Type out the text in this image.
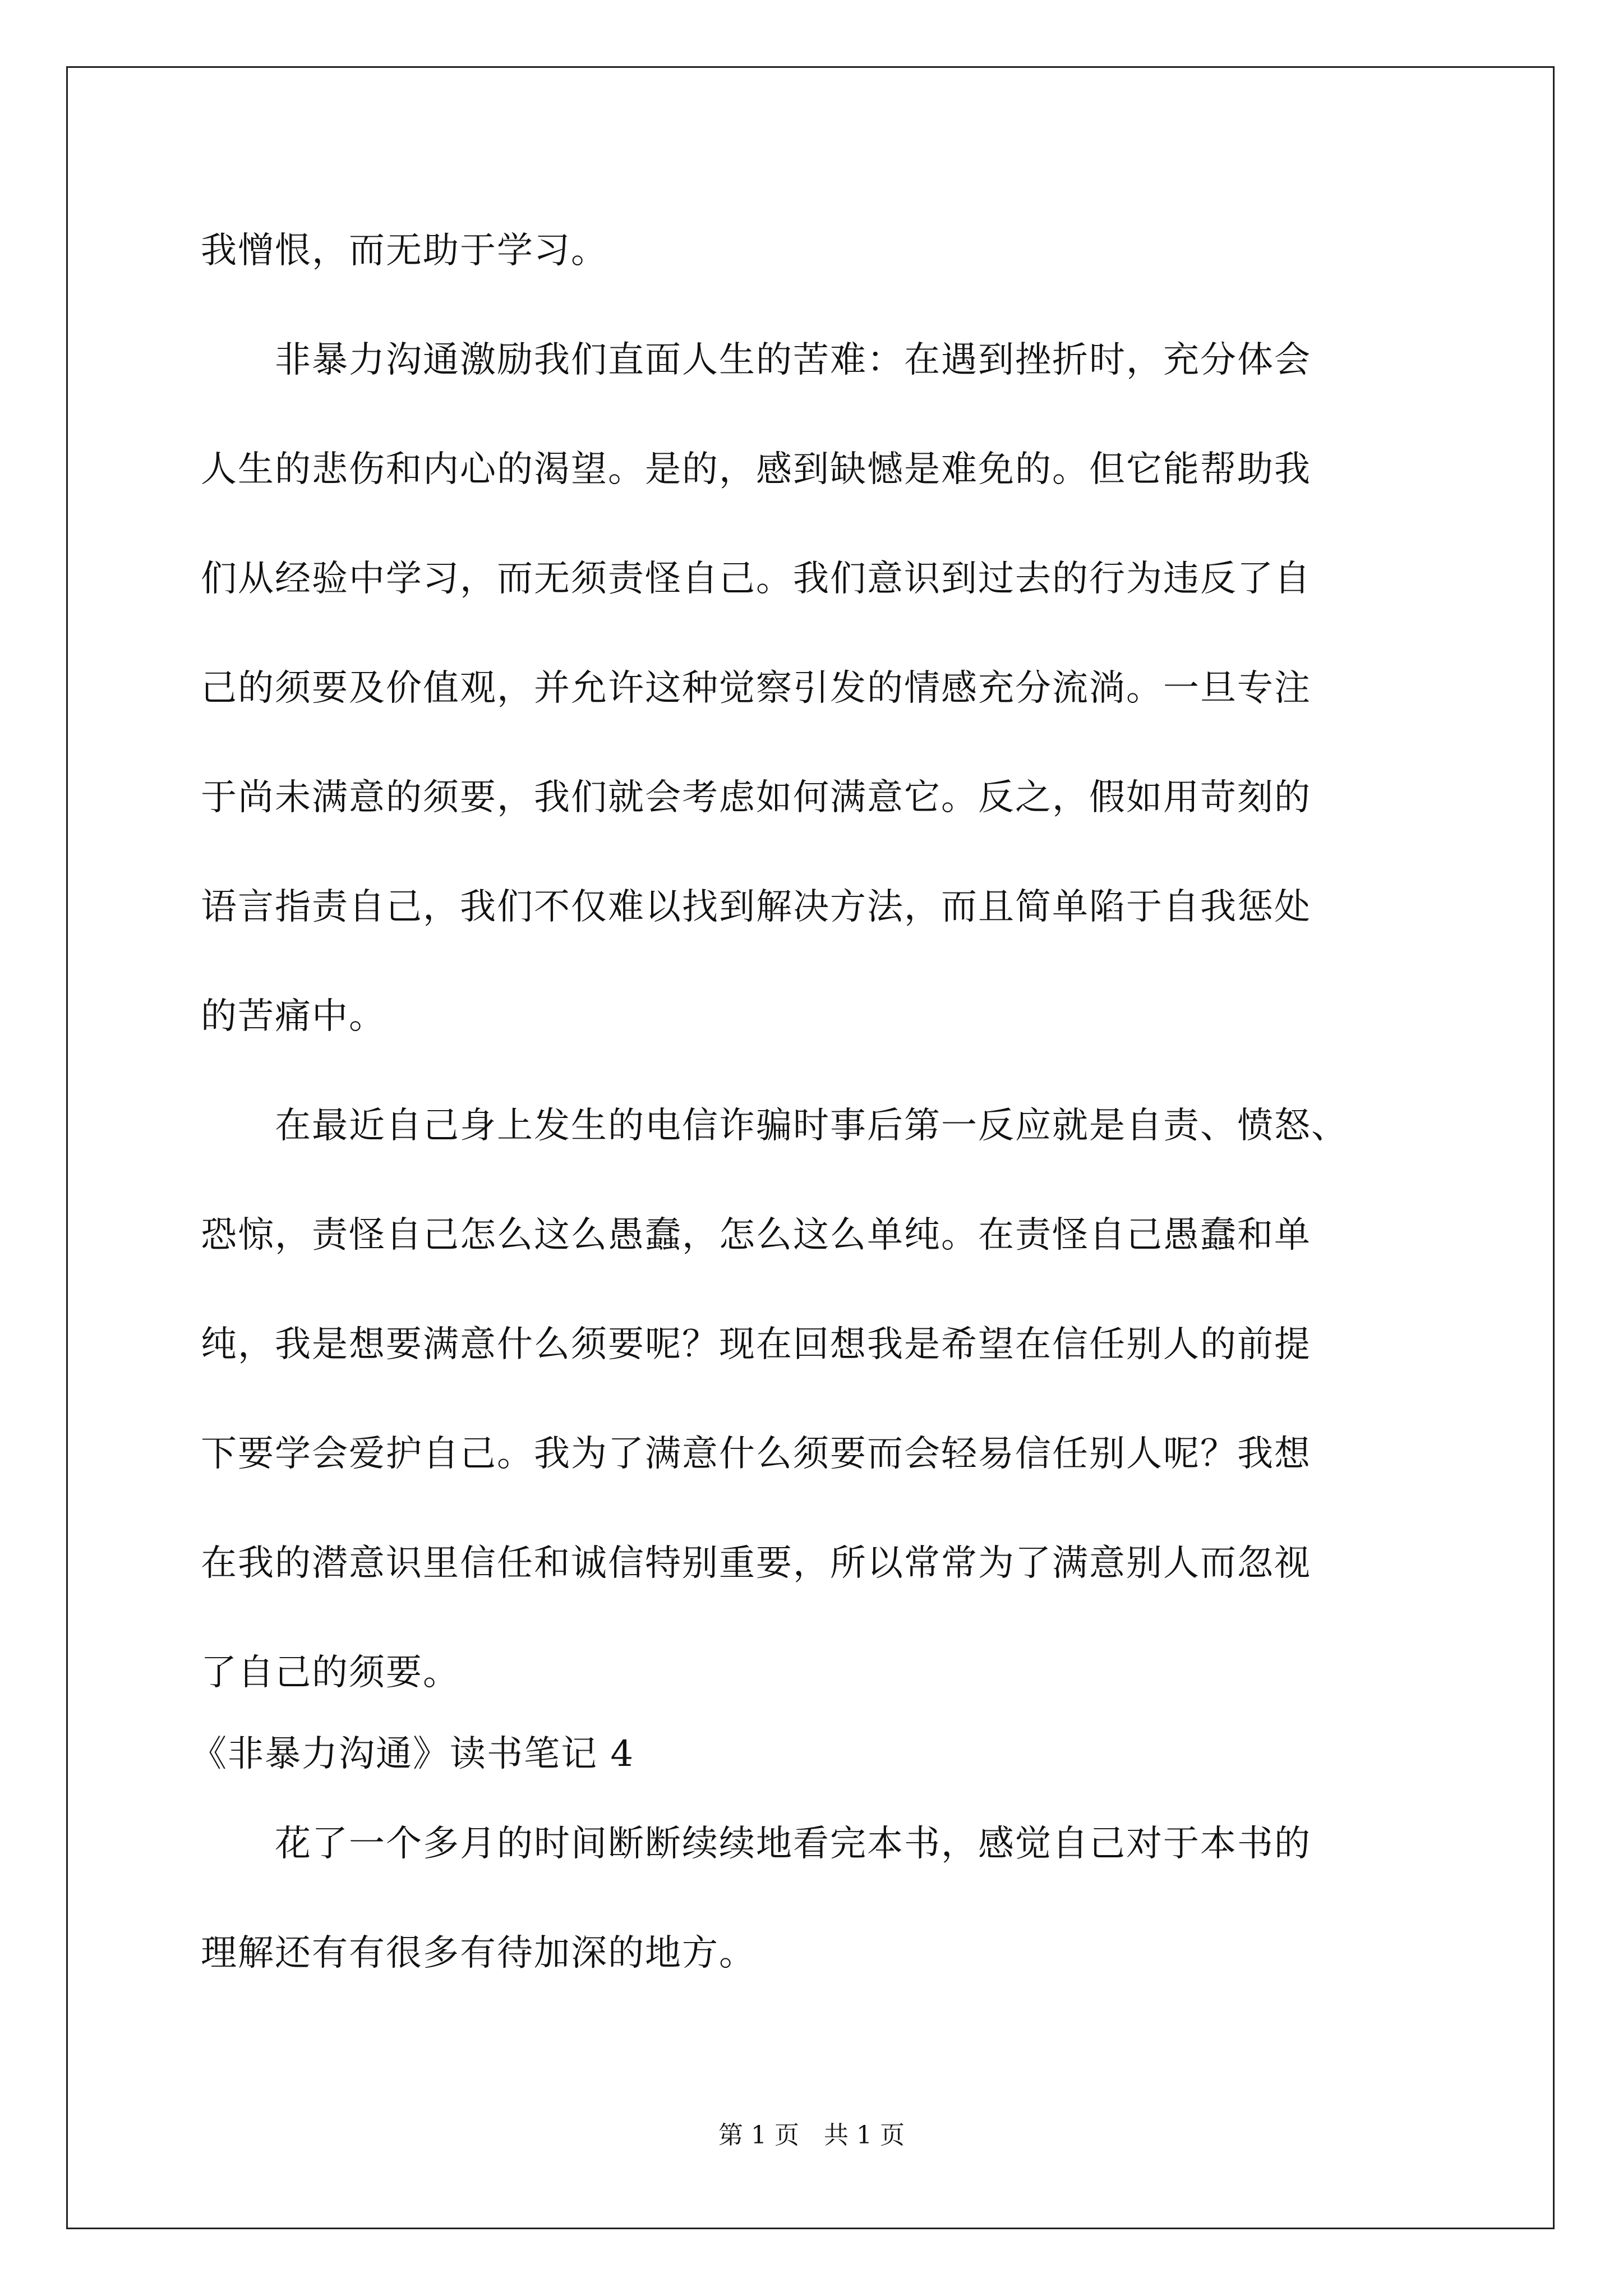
我憎恨，而无助于学习。
　　非暴力沟通激励我们直面人生的苦难：在遇到挫折时，充分体会
人生的悲伤和内心的渴望。是的，感到缺憾是难免的。但它能帮助我
们从经验中学习，而无须责怪自己。我们意识到过去的行为违反了自
己的须要及价值观，并允许这种觉察引发的情感充分流淌。一旦专注
于尚未满意的须要，我们就会考虑如何满意它。反之，假如用苛刻的
语言指责自己，我们不仅难以找到解决方法，而且简单陷于自我惩处
的苦痛中。
　　在最近自己身上发生的电信诈骗时事后第一反应就是自责、愤怒、
恐惊，责怪自己怎么这么愚蠢，怎么这么单纯。在责怪自己愚蠢和单
纯，我是想要满意什么须要呢？现在回想我是希望在信任别人的前提
下要学会爱护自己。我为了满意什么须要而会轻易信任别人呢？我想
在我的潜意识里信任和诚信特别重要，所以常常为了满意别人而忽视
了自己的须要。
《非暴力沟通》读书笔记 4
　　花了一个多月的时间断断续续地看完本书，感觉自己对于本书的
理解还有有很多有待加深的地方。
第 1 页　共 1 页
